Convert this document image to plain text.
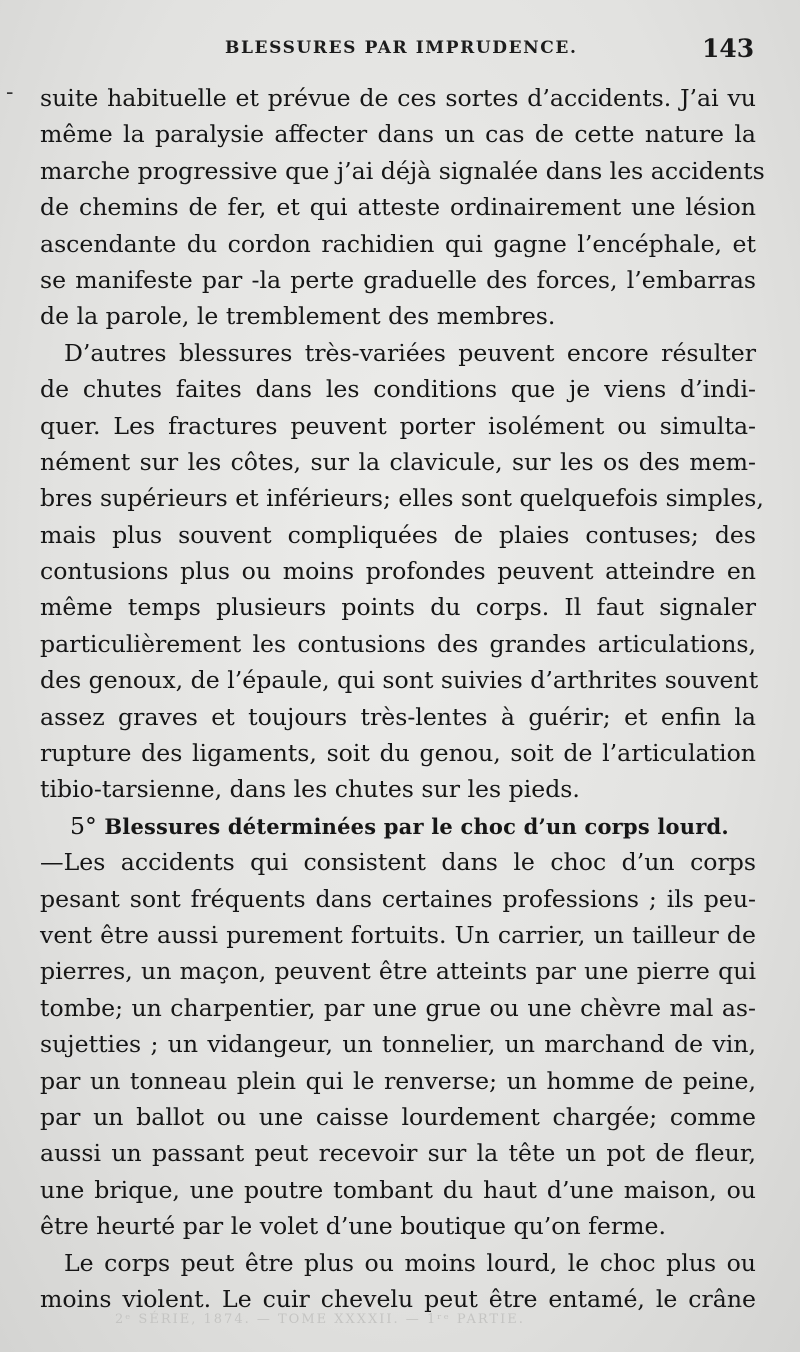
BLESSURES PAR IMPRUDENCE.	143
- suite habituelle et prévue de ces sortes d’accidents. J’ai vu
même la paralysie affecter dans un cas de cette nature la
marche progressive que j’ai déjà signalée dans les accidents
de chemins de fer, et qui atteste ordinairement une lésion
ascendante du cordon rachidien qui gagne l’encéphale, et
se manifeste par -la perte graduelle des forces, l’embarras
de la parole, le tremblement des membres.
D’autres blessures très-variées peuvent encore résulter
de chutes faites dans les conditions que je viens d’indi-
quer. Les fractures peuvent porter isolément ou simulta-
nément sur les côtes, sur la clavicule, sur les os des mem-
bres supérieurs et inférieurs; elles sont quelquefois simples,
mais plus souvent compliquées de plaies contuses; des
contusions plus ou moins profondes peuvent atteindre en
même temps plusieurs points du corps. Il faut signaler
particulièrement les contusions des grandes articulations,
des genoux, de l’épaule, qui sont suivies d’arthrites souvent
assez graves et toujours très-lentes à guérir; et enfin la
rupture des ligaments, soit du genou, soit de l’articulation
tibio-tarsienne, dans les chutes sur les pieds.
5° Blessures déterminées par le choc d’un corps lourd.
—Les accidents qui consistent dans le choc d’un corps
pesant sont fréquents dans certaines professions ; ils peu-
vent être aussi purement fortuits. Un carrier, un tailleur de
pierres, un maçon, peuvent être atteints par une pierre qui
tombe; un charpentier, par une grue ou une chèvre mal as-
sujetties ; un vidangeur, un tonnelier, un marchand de vin,
par un tonneau plein qui le renverse; un homme de peine,
par un ballot ou une caisse lourdement chargée; comme
aussi un passant peut recevoir sur la tête un pot de fleur,
une brique, une poutre tombant du haut d’une maison, ou
être heurté par le volet d’une boutique qu’on ferme.
Le corps peut être plus ou moins lourd, le choc plus ou
moins violent. Le cuir chevelu peut être entamé, le crâne
2ᵉ SÉRIE, 1874. — TOME XXXXII. — 1ʳᵉ PARTIE.
